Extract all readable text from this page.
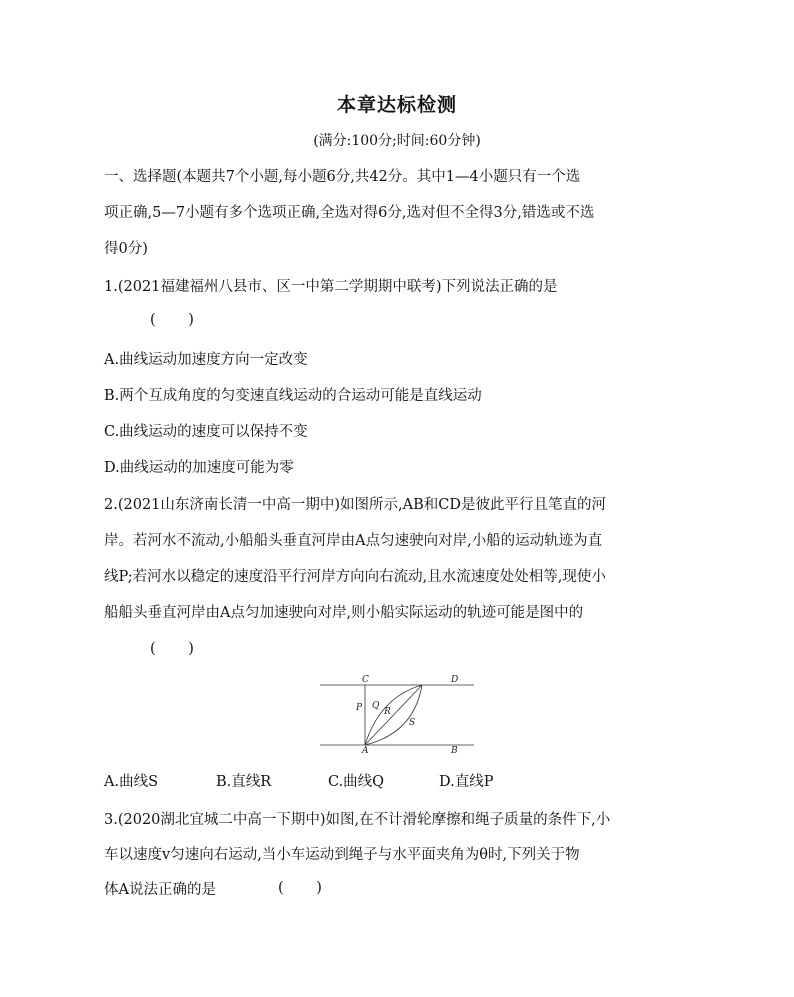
本章达标检测
(满分:100分;时间:60分钟)
一、选择题(本题共7个小题,每小题6分,共42分。其中1—4小题只有一个选
项正确,5—7小题有多个选项正确,全选对得6分,选对但不全得3分,错选或不选
得0分)
1.(2021福建福州八县市、区一中第二学期期中联考)下列说法正确的是
( )
A.曲线运动加速度方向一定改变
B.两个互成角度的匀变速直线运动的合运动可能是直线运动
C.曲线运动的速度可以保持不变
D.曲线运动的加速度可能为零
2.(2021山东济南长清一中高一期中)如图所示,AB和CD是彼此平行且笔直的河
岸。若河水不流动,小船船头垂直河岸由A点匀速驶向对岸,小船的运动轨迹为直
线P;若河水以稳定的速度沿平行河岸方向向右流动,且水流速度处处相等,现使小
船船头垂直河岸由A点匀加速驶向对岸,则小船实际运动的轨迹可能是图中的
( )
C	D
A	B
P Q
R
S
A.曲线S	B.直线R	C.曲线Q	D.直线P
3.(2020湖北宜城二中高一下期中)如图,在不计滑轮摩擦和绳子质量的条件下,小
车以速度v匀速向右运动,当小车运动到绳子与水平面夹角为θ时,下列关于物
体A说法正确的是	( )
